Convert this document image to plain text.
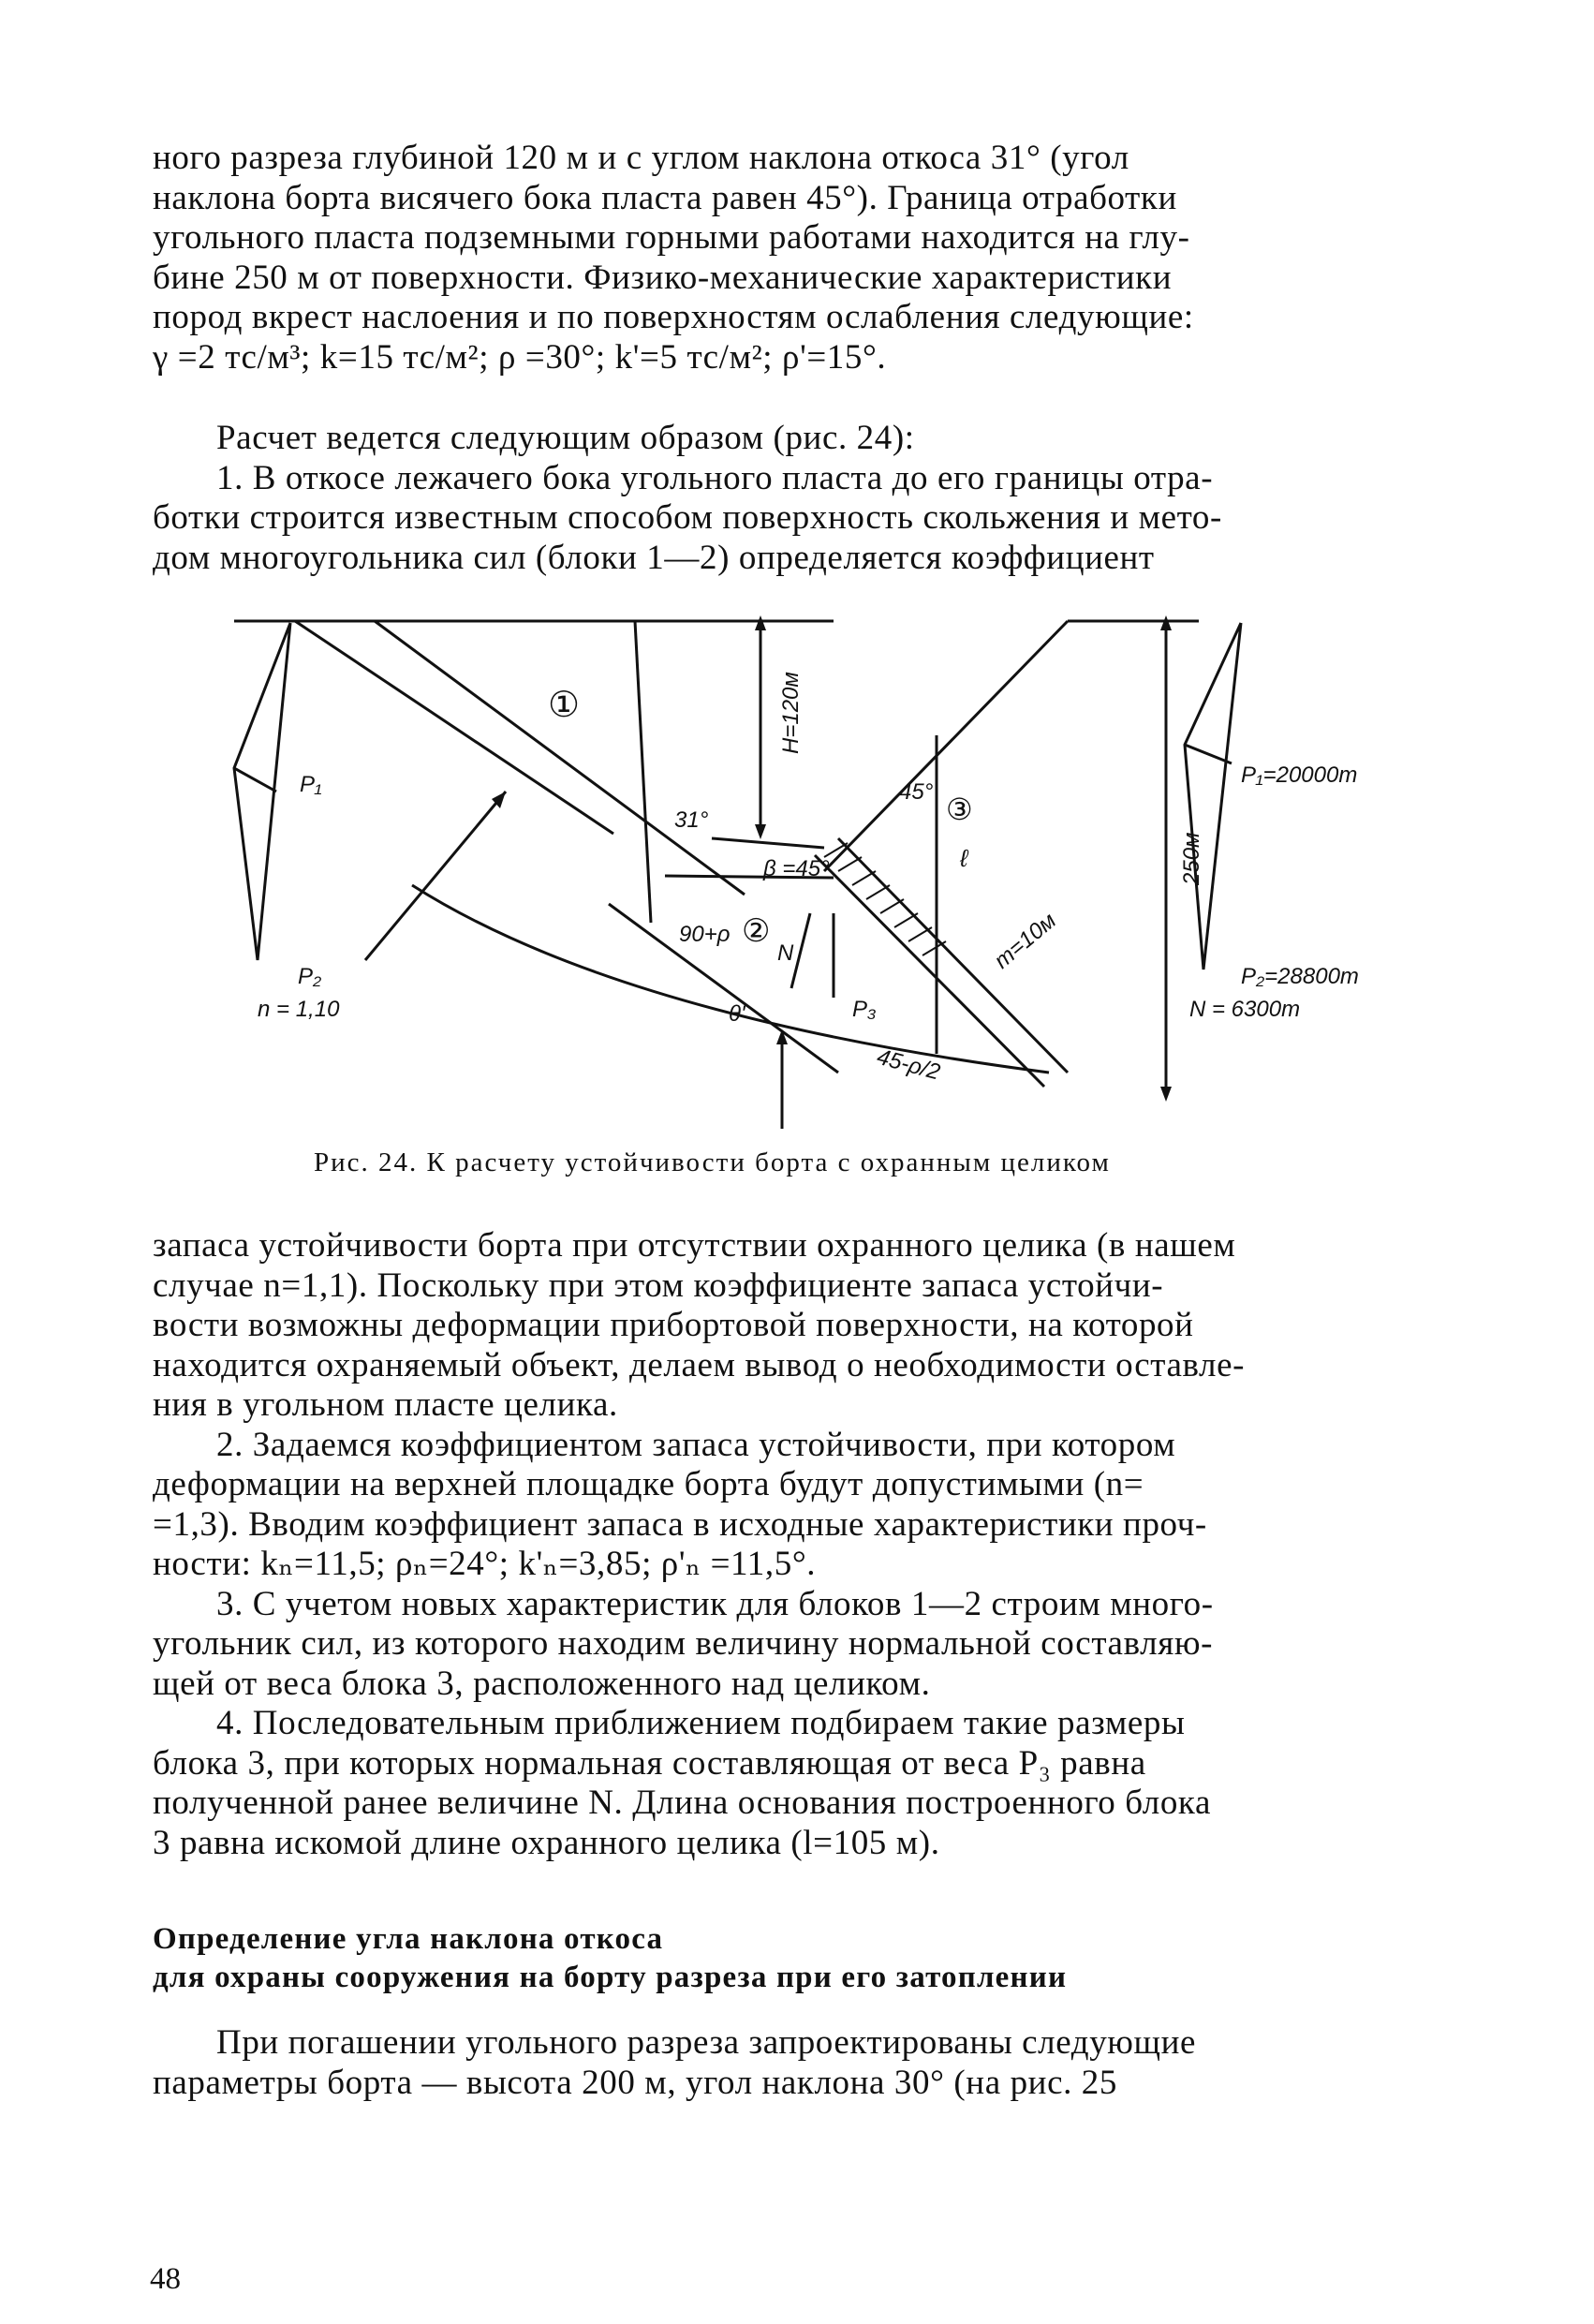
ного разреза глубиной 120 м и с углом наклона откоса 31° (угол

наклона борта висячего бока пласта равен 45°). Граница отработки

угольного пласта подземными горными работами находится на глу-

бине 250 м от поверхности. Физико-механические характеристики

пород вкрест наслоения и по поверхностям ослабления следующие:

γ =2 тс/м³; k=15 тс/м²; ρ =30°; k'=5 тс/м²; ρ'=15°.

Расчет ведется следующим образом (рис. 24):

1. В откосе лежачего бока угольного пласта до его границы отра-

ботки строится известным способом поверхность скольжения и мето-

дом многоугольника сил (блоки 1—2) определяется коэффициент

①
②
③
H=120м
250м
31°
45°
β =45°
90+ρ
θ'
m=10м
ℓ
N
P₃
45-ρ/2
P₁
P₂
n = 1,10
P₁=20000т
P₂=28800т
N = 6300т
Рис. 24. К расчету устойчивости борта с охранным целиком

запаса устойчивости борта при отсутствии охранного целика (в нашем

случае n=1,1). Поскольку при этом коэффициенте запаса устойчи-

вости возможны деформации прибортовой поверхности, на которой

находится охраняемый объект, делаем вывод о необходимости оставле-

ния в угольном пласте целика.

2. Задаемся коэффициентом запаса устойчивости, при котором

деформации на верхней площадке борта будут допустимыми (n=

=1,3). Вводим коэффициент запаса в исходные характеристики проч-

ности: kₙ=11,5; ρₙ=24°; k'ₙ=3,85; ρ'ₙ =11,5°.

3. С учетом новых характеристик для блоков 1—2 строим много-

угольник сил, из которого находим величину нормальной составляю-

щей от веса блока 3, расположенного над целиком.

4. Последовательным приближением подбираем такие размеры

блока 3, при которых нормальная составляющая от веса P₃ равна

полученной ранее величине N. Длина основания построенного блока

3 равна искомой длине охранного целика (l=105 м).

Определение угла наклона откоса
для охраны сооружения на борту разреза при его затоплении

При погашении угольного разреза запроектированы следующие

параметры борта — высота 200 м, угол наклона 30° (на рис. 25

48
